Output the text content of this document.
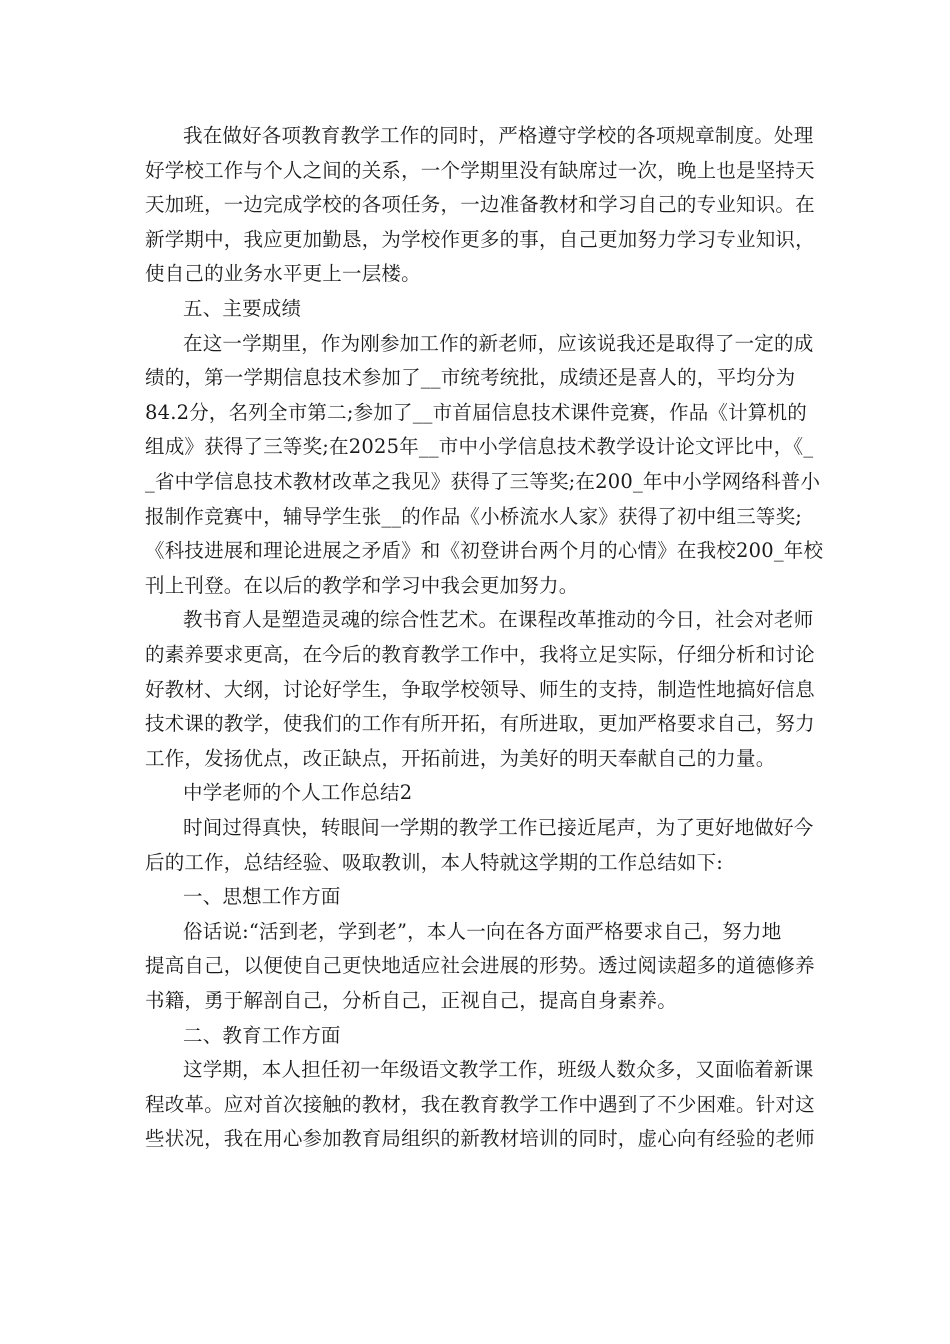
我在做好各项教育教学工作的同时，严格遵守学校的各项规章制度。处理
好学校工作与个人之间的关系，一个学期里没有缺席过一次，晚上也是坚持天
天加班，一边完成学校的各项任务，一边准备教材和学习自己的专业知识。在
新学期中，我应更加勤恳，为学校作更多的事，自己更加努力学习专业知识，
使自己的业务水平更上一层楼。
五、主要成绩
在这一学期里，作为刚参加工作的新老师，应该说我还是取得了一定的成
绩的，第一学期信息技术参加了__市统考统批，成绩还是喜人的，平均分为
84.2分，名列全市第二;参加了__市首届信息技术课件竞赛，作品《计算机的
组成》获得了三等奖;在2025年__市中小学信息技术教学设计论文评比中，《_
_省中学信息技术教材改革之我见》获得了三等奖;在200_年中小学网络科普小
报制作竞赛中，辅导学生张__的作品《小桥流水人家》获得了初中组三等奖;
《科技进展和理论进展之矛盾》和《初登讲台两个月的心情》在我校200_年校
刊上刊登。在以后的教学和学习中我会更加努力。
教书育人是塑造灵魂的综合性艺术。在课程改革推动的今日，社会对老师
的素养要求更高，在今后的教育教学工作中，我将立足实际，仔细分析和讨论
好教材、大纲，讨论好学生，争取学校领导、师生的支持，制造性地搞好信息
技术课的教学，使我们的工作有所开拓，有所进取，更加严格要求自己，努力
工作，发扬优点，改正缺点，开拓前进，为美好的明天奉献自己的力量。
中学老师的个人工作总结2
时间过得真快，转眼间一学期的教学工作已接近尾声，为了更好地做好今
后的工作，总结经验、吸取教训，本人特就这学期的工作总结如下:
一、思想工作方面
俗话说:“活到老，学到老”，本人一向在各方面严格要求自己，努力地
提高自己，以便使自己更快地适应社会进展的形势。透过阅读超多的道德修养
书籍，勇于解剖自己，分析自己，正视自己，提高自身素养。
二、教育工作方面
这学期，本人担任初一年级语文教学工作，班级人数众多，又面临着新课
程改革。应对首次接触的教材，我在教育教学工作中遇到了不少困难。针对这
些状况，我在用心参加教育局组织的新教材培训的同时，虚心向有经验的老师
